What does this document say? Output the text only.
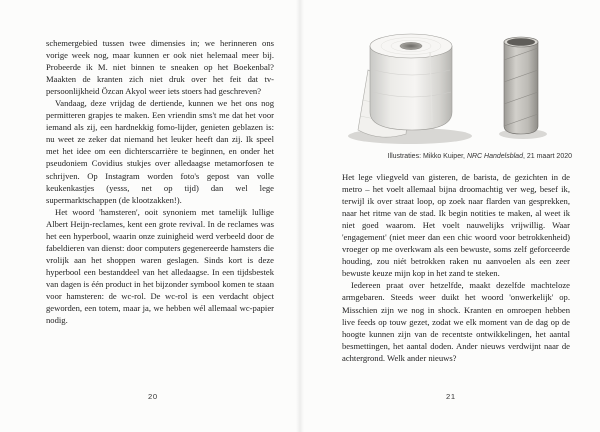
schemergebied tussen twee dimensies in; we herinneren ons vorige week nog, maar kunnen er ook niet helemaal meer bij. Probeerde ik M. niet binnen te sneaken op het Boekenbal? Maakten de kranten zich niet druk over het feit dat tv-persoonlijkheid Özcan Akyol weer iets stoers had geschreven?

Vandaag, deze vrijdag de dertiende, kunnen we het ons nog permitteren grapjes te maken. Een vriendin sms't me dat het voor iemand als zij, een hardnekkig fomo-lijder, genieten geblazen is: nu weet ze zeker dat niemand het leuker heeft dan zij. Ik speel met het idee om een dichterscarrière te beginnen, en onder het pseudoniem Covidius stukjes over alledaagse metamorfosen te schrijven. Op Instagram worden foto's gepost van volle keukenkastjes (yesss, net op tijd) dan wel lege supermarktschappen (de klootzakken!).

Het woord 'hamsteren', ooit synoniem met tamelijk lullige Albert Heijn-reclames, kent een grote revival. In de reclames was het een hyperbool, waarin onze zuinigheid werd verbeeld door de fabeldieren van dienst: door computers gegenereerde hamsters die vrolijk aan het shoppen waren geslagen. Sinds kort is deze hyperbool een bestanddeel van het alledaagse. In een tijdsbestek van dagen is één product in het bijzonder symbool komen te staan voor hamsteren: de wc-rol. De wc-rol is een verdacht object geworden, een totem, maar ja, we hebben wél allemaal wc-papier nodig.

20
Illustraties: Mikko Kuiper, NRC Handelsblad, 21 maart 2020

Het lege vliegveld van gisteren, de barista, de gezichten in de metro – het voelt allemaal bijna droomachtig ver weg, besef ik, terwijl ik over straat loop, op zoek naar flarden van gesprekken, naar het ritme van de stad. Ik begin notities te maken, al weet ik niet goed waarom. Het voelt nauwelijks vrijwillig. Waar 'engagement' (niet meer dan een chic woord voor betrokkenheid) vroeger op me overkwam als een bewuste, soms zelf geforceerde houding, zou niét betrokken raken nu aanvoelen als een zeer bewuste keuze mijn kop in het zand te steken.

Iedereen praat over hetzelfde, maakt dezelfde machteloze armgebaren. Steeds weer duikt het woord 'onwerkelijk' op. Misschien zijn we nog in shock. Kranten en omroepen hebben live feeds op touw gezet, zodat we elk moment van de dag op de hoogte kunnen zijn van de recentste ontwikkelingen, het aantal besmettingen, het aantal doden. Ander nieuws verdwijnt naar de achtergrond. Welk ander nieuws?

21
